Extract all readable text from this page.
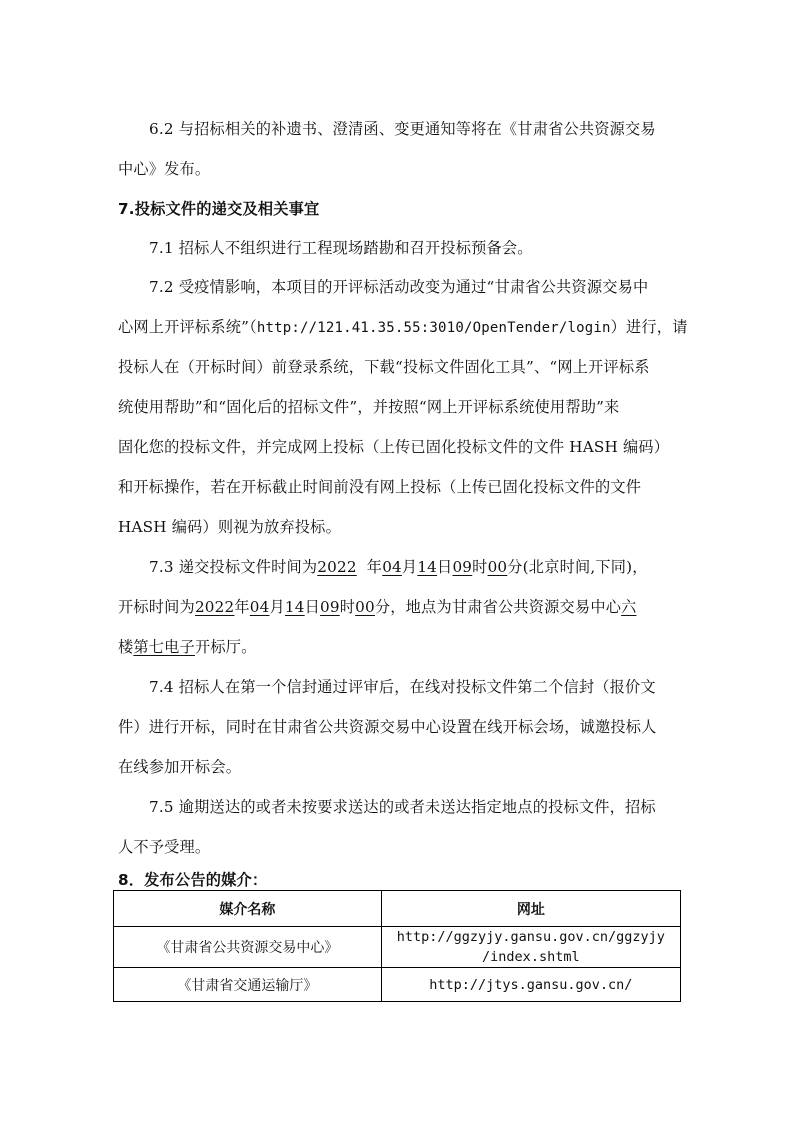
6.2 与招标相关的补遗书、澄清函、变更通知等将在《甘肃省公共资源交易
中心》发布。
7.投标文件的递交及相关事宜
7.1 招标人不组织进行工程现场踏勘和召开投标预备会。
7.2 受疫情影响，本项目的开评标活动改变为通过“甘肃省公共资源交易中
心网上开评标系统”（http://121.41.35.55:3010/OpenTender/login）进行，请
投标人在（开标时间）前登录系统，下载“投标文件固化工具”、“网上开评标系
统使用帮助”和“固化后的招标文件”，并按照“网上开评标系统使用帮助”来
固化您的投标文件，并完成网上投标（上传已固化投标文件的文件 HASH 编码）
和开标操作，若在开标截止时间前没有网上投标（上传已固化投标文件的文件
HASH 编码）则视为放弃投标。
7.3 递交投标文件时间为2022 年04月14日09时00分(北京时间,下同)，
开标时间为2022年04月14日09时00分，地点为甘肃省公共资源交易中心六
楼第七电子开标厅。
7.4 招标人在第一个信封通过评审后，在线对投标文件第二个信封（报价文
件）进行开标，同时在甘肃省公共资源交易中心设置在线开标会场，诚邀投标人
在线参加开标会。
7.5 逾期送达的或者未按要求送达的或者未送达指定地点的投标文件，招标
人不予受理。
8．发布公告的媒介：
媒介名称	网址
《甘肃省公共资源交易中心》	http://ggzyjy.gansu.gov.cn/ggzyjy
/index.shtml

《甘肃省交通运输厅》	http://jtys.gansu.gov.cn/
